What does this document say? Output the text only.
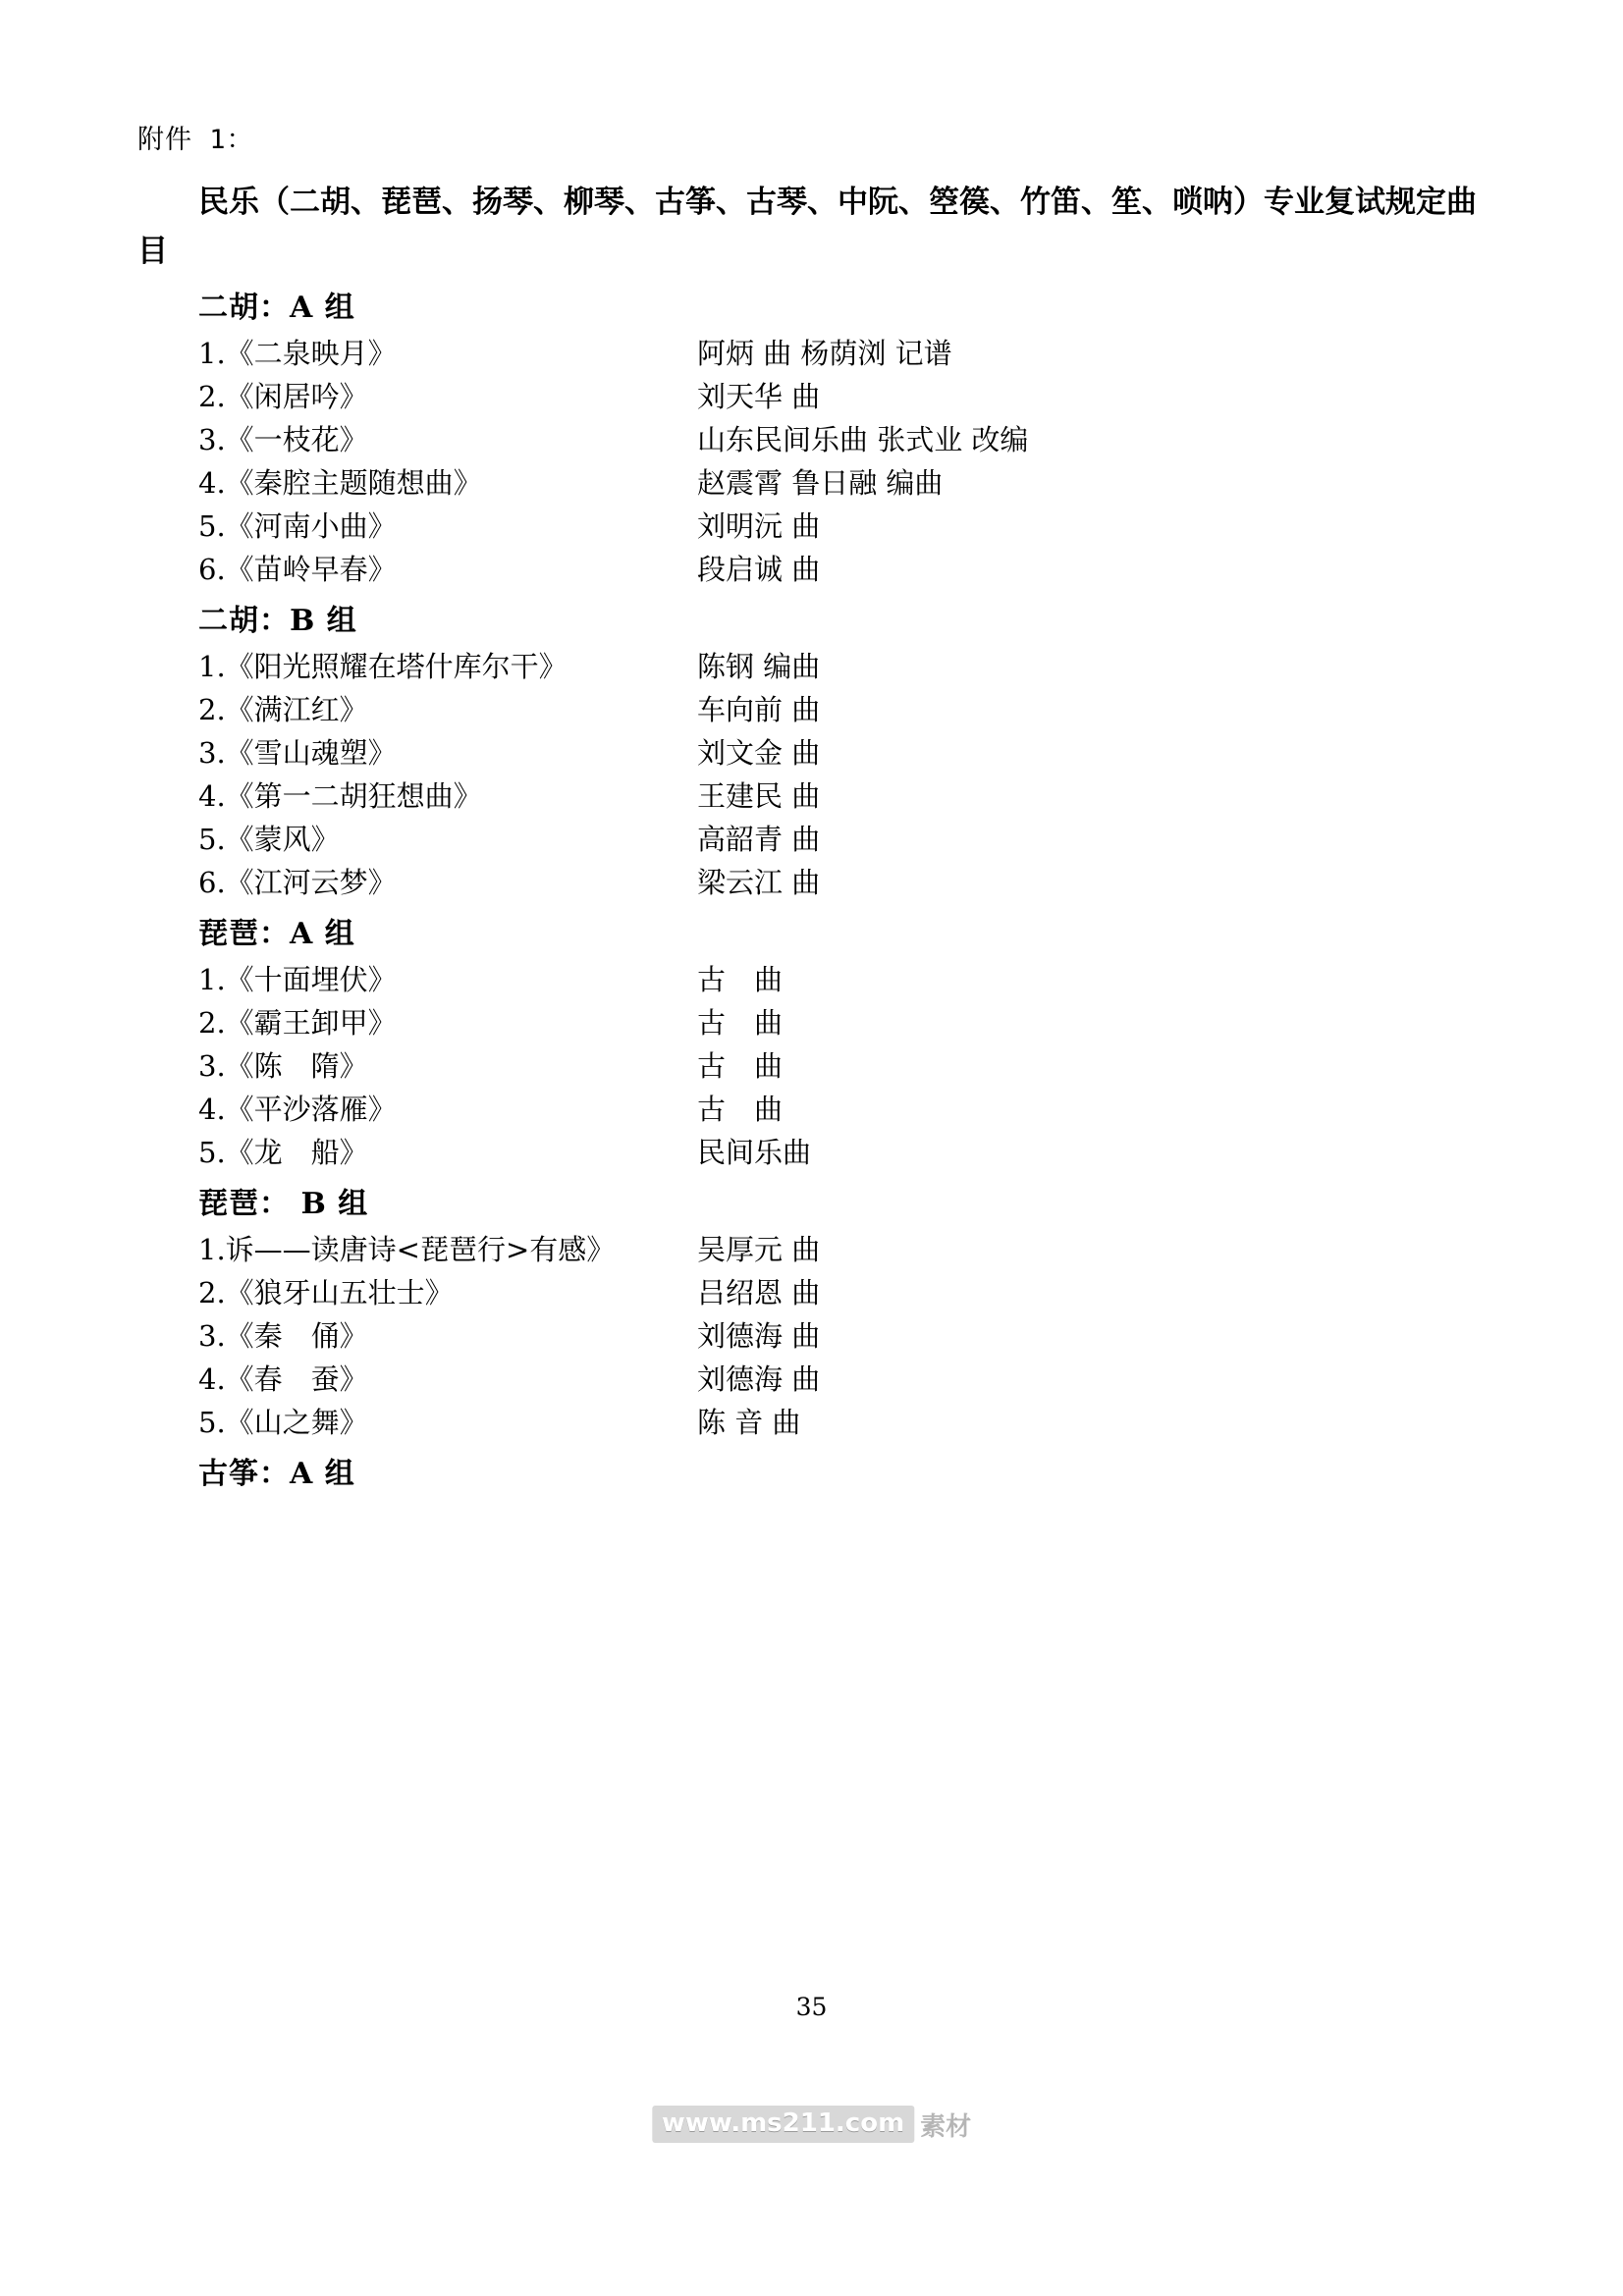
附件 1：
民乐（二胡、琵琶、扬琴、柳琴、古筝、古琴、中阮、箜篌、竹笛、笙、唢呐）专业复试规定曲目
二胡：A 组
1. 《二泉映月》	阿炳 曲 杨荫浏 记谱
2. 《闲居吟》	刘天华 曲
3. 《一枝花》	山东民间乐曲 张式业 改编
4. 《秦腔主题随想曲》	赵震霄 鲁日融 编曲
5. 《河南小曲》	刘明沅 曲
6. 《苗岭早春》	段启诚 曲
二胡：B 组
1. 《阳光照耀在塔什库尔干》	陈钢 编曲
2. 《满江红》	车向前 曲
3. 《雪山魂塑》	刘文金 曲
4. 《第一二胡狂想曲》	王建民 曲
5. 《蒙风》	高韶青 曲
6. 《江河云梦》	梁云江 曲
琵琶：A 组
1. 《十面埋伏》	古　曲
2. 《霸王卸甲》	古　曲
3. 《陈　隋》	古　曲
4. 《平沙落雁》	古　曲
5. 《龙　船》	民间乐曲
琵琶： B 组
1. 诉——读唐诗<琵琶行>有感》	吴厚元 曲
2. 《狼牙山五壮士》	吕绍恩 曲
3. 《秦　俑》	刘德海 曲
4. 《春　蚕》	刘德海 曲
5. 《山之舞》	陈 音 曲
古筝：A 组
35
www.ms211.com 素材
